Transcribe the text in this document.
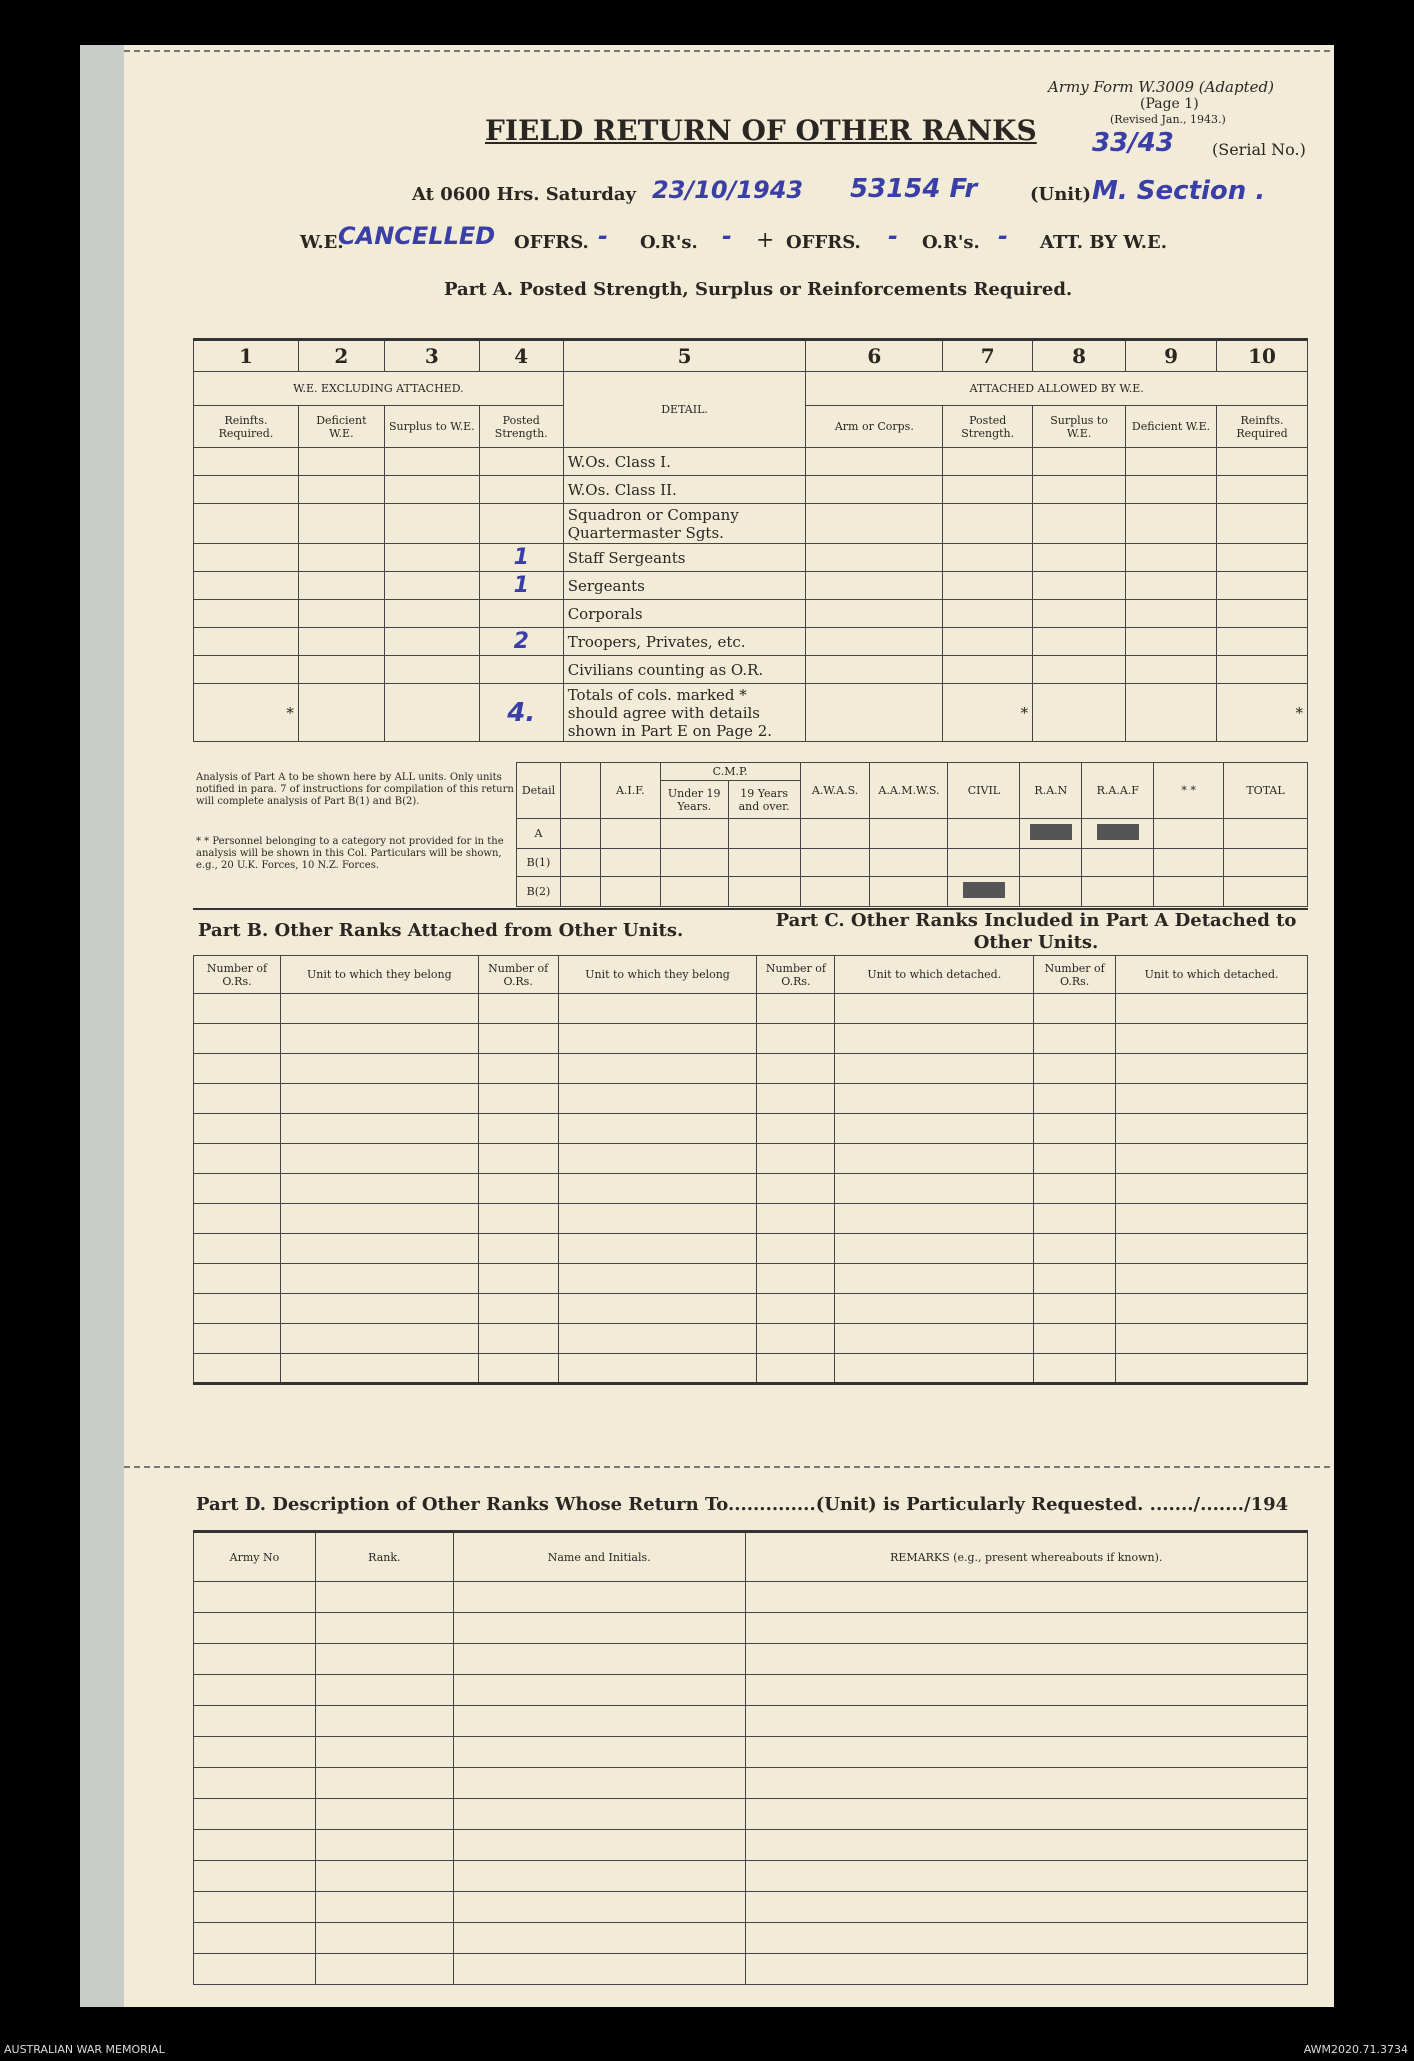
Army Form W.3009 (Adapted)
(Page 1)
(Revised Jan., 1943.)
33/43 (Serial No.)
FIELD RETURN OF OTHER RANKS
At 0600 Hrs. Saturday 23/10/1943 53154 Fr	(Unit) M. Section .
W.E.
CANCELLED OFFRS. - O.R's. - + OFFRS. - O.R's. - ATT. BY W.E.
Part A. Posted Strength, Surplus or Reinforcements Required.
1	2	3	4	5	6	7	8	9	10
W.E. EXCLUDING ATTACHED.				DETAIL.	ATTACHED ALLOWED BY W.E.				
Reinfts. Required.	Deficient W.E.	Surplus to W.E.	Posted Strength.		Arm or Corps.	Posted Strength.	Surplus to W.E.	Deficient W.E.	Reinfts. Required
				W.Os. Class I.					
				W.Os. Class II.					
				Squadron or Company Quartermaster Sgts.					
			1	Staff Sergeants					
			1	Sergeants					
				Corporals					
			2	Troopers, Privates, etc.					
				Civilians counting as O.R.					
*			4.	Totals of cols. marked * should agree with details shown in Part E on Page 2.		*			*
Analysis of Part A to be shown here by ALL units. Only units notified in para. 7 of instructions for compilation of this return will complete analysis of Part B(1) and B(2).
* * Personnel belonging to a category not provided for in the analysis will be shown in this Col. Particulars will be shown, e.g., 20 U.K. Forces, 10 N.Z. Forces.
Detail		A.I.F.	C.M.P.		A.W.A.S.	A.A.M.W.S.	CIVIL	R.A.N	R.A.A.F	* *	TOTAL
			Under 19 Years.	19 Years and over.							
A											
B(1)											
B(2)											
Part B. Other Ranks Attached from Other Units.	Part C. Other Ranks Included in Part A Detached to Other Units.
Number of O.Rs.	Unit to which they belong	Number of O.Rs.	Unit to which they belong	Number of O.Rs.	Unit to which detached.	Number of O.Rs.	Unit to which detached.

Part D. Description of Other Ranks Whose Return To..............(Unit) is Particularly Requested. ......./......./194
Army No	Rank.	Name and Initials.	REMARKS (e.g., present whereabouts if known).

AUSTRALIAN WAR MEMORIAL	AWM2020.71.3734
